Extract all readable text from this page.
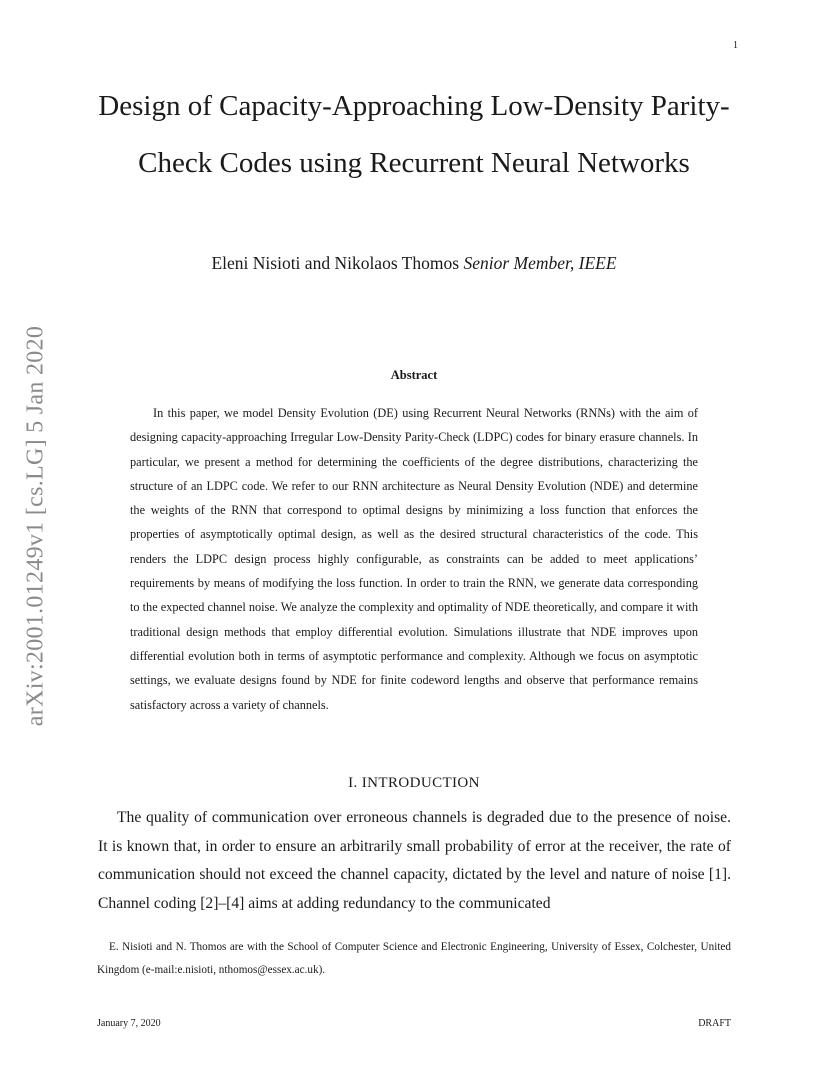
1
arXiv:2001.01249v1 [cs.LG] 5 Jan 2020
Design of Capacity-Approaching Low-Density Parity-Check Codes using Recurrent Neural Networks
Eleni Nisioti and Nikolaos Thomos Senior Member, IEEE
Abstract

In this paper, we model Density Evolution (DE) using Recurrent Neural Networks (RNNs) with the aim of designing capacity-approaching Irregular Low-Density Parity-Check (LDPC) codes for binary erasure channels. In particular, we present a method for determining the coefficients of the degree distributions, characterizing the structure of an LDPC code. We refer to our RNN architecture as Neural Density Evolution (NDE) and determine the weights of the RNN that correspond to optimal designs by minimizing a loss function that enforces the properties of asymptotically optimal design, as well as the desired structural characteristics of the code. This renders the LDPC design process highly configurable, as constraints can be added to meet applications’ requirements by means of modifying the loss function. In order to train the RNN, we generate data corresponding to the expected channel noise. We analyze the complexity and optimality of NDE theoretically, and compare it with traditional design methods that employ differential evolution. Simulations illustrate that NDE improves upon differential evolution both in terms of asymptotic performance and complexity. Although we focus on asymptotic settings, we evaluate designs found by NDE for finite codeword lengths and observe that performance remains satisfactory across a variety of channels.

I. INTRODUCTION

The quality of communication over erroneous channels is degraded due to the presence of noise. It is known that, in order to ensure an arbitrarily small probability of error at the receiver, the rate of communication should not exceed the channel capacity, dictated by the level and nature of noise [1]. Channel coding [2]–[4] aims at adding redundancy to the communicated

E. Nisioti and N. Thomos are with the School of Computer Science and Electronic Engineering, University of Essex, Colchester, United Kingdom (e-mail:e.nisioti, nthomos@essex.ac.uk).

January 7, 2020	DRAFT
